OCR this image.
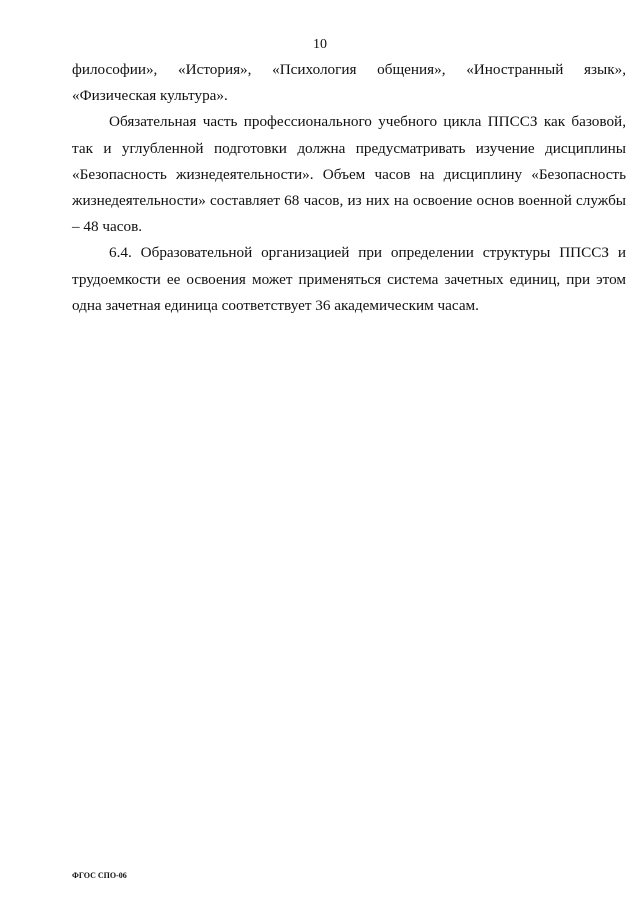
10

философии», «История», «Психология общения», «Иностранный язык», «Физическая культура».

Обязательная часть профессионального учебного цикла ППССЗ как базовой, так и углубленной подготовки должна предусматривать изучение дисциплины «Безопасность жизнедеятельности». Объем часов на дисциплину «Безопасность жизнедеятельности» составляет 68 часов, из них на освоение основ военной службы – 48 часов.

6.4. Образовательной организацией при определении структуры ППССЗ и трудоемкости ее освоения может применяться система зачетных единиц, при этом одна зачетная единица соответствует 36 академическим часам.

ФГОС СПО-06
